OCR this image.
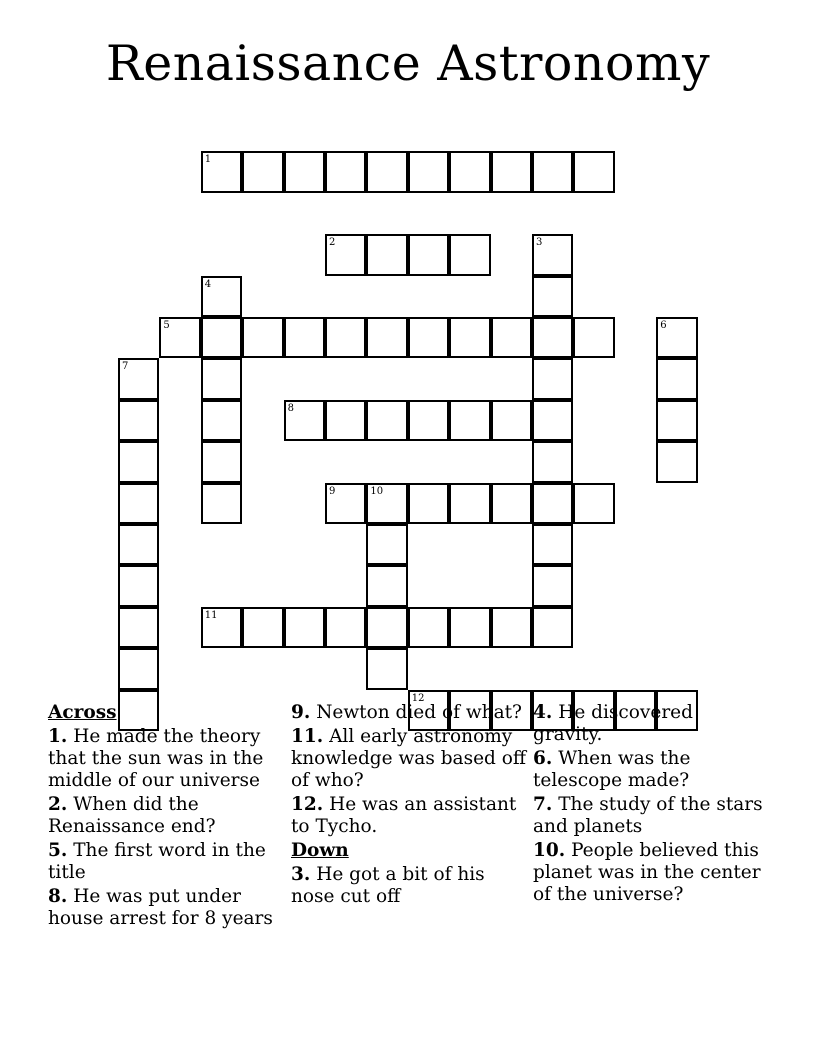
Renaissance Astronomy
1
2	3
4
5	6
7
8
9	10
11
12
Across
1. He made the theory that the sun was in the middle of our universe
2. When did the Renaissance end?
5. The first word in the title
8. He was put under house arrest for 8 years
9. Newton died of what?
11. All early astronomy knowledge was based off of who?
12. He was an assistant to Tycho.
Down
3. He got a bit of his nose cut off
4. He discovered gravity.
6. When was the telescope made?
7. The study of the stars and planets
10. People believed this planet was in the center of the universe?
